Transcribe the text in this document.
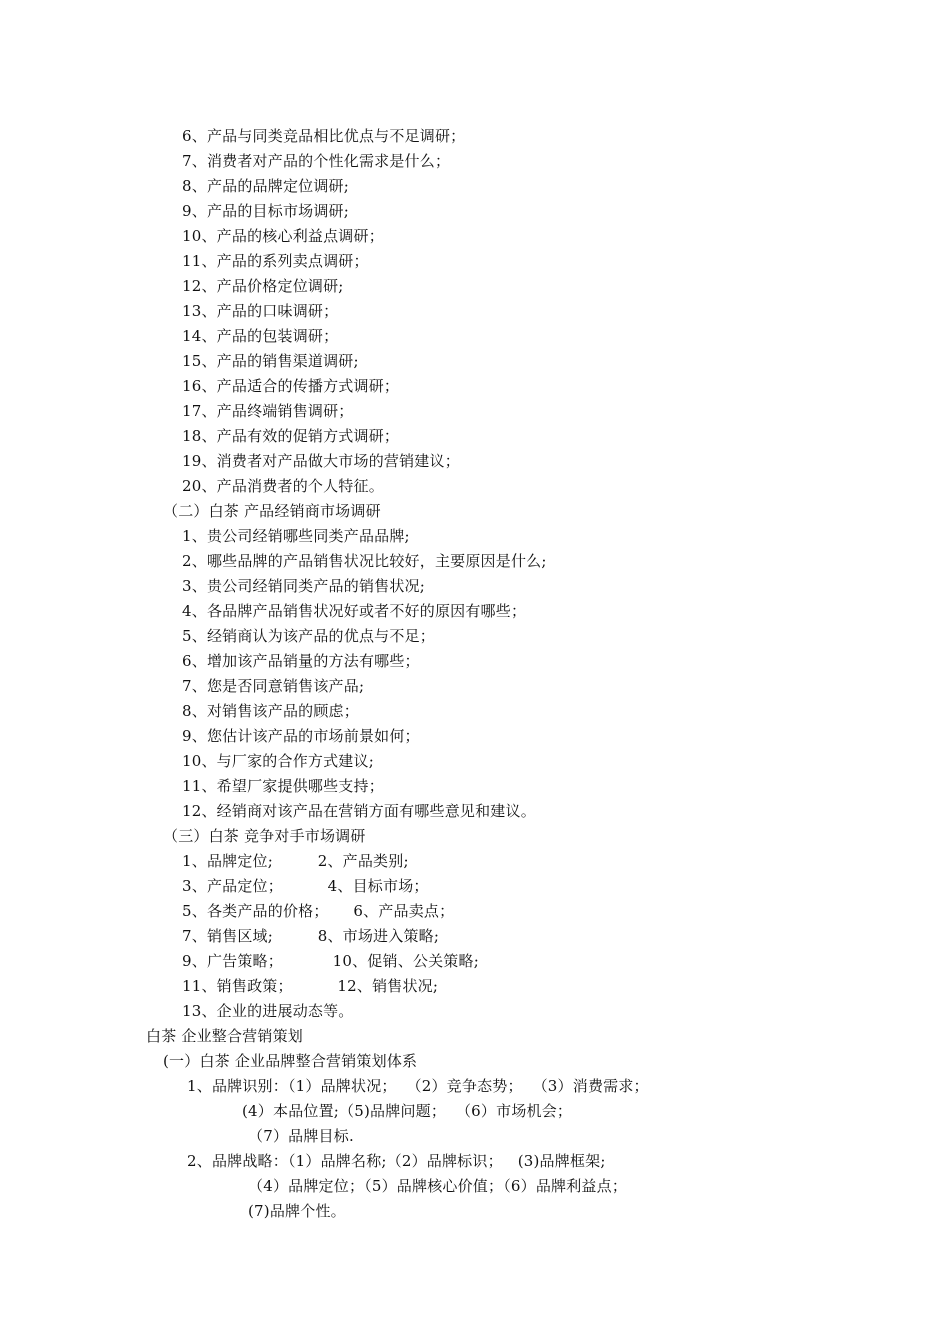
6、产品与同类竞品相比优点与不足调研；
7、消费者对产品的个性化需求是什么；
8、产品的品牌定位调研;
9、产品的目标市场调研;
10、产品的核心利益点调研；
11、产品的系列卖点调研；
12、产品价格定位调研;
13、产品的口味调研；
14、产品的包装调研；
15、产品的销售渠道调研;
16、产品适合的传播方式调研；
17、产品终端销售调研；
18、产品有效的促销方式调研；
19、消费者对产品做大市场的营销建议；
20、产品消费者的个人特征。
（二）白茶 产品经销商市场调研
1、贵公司经销哪些同类产品品牌;
2、哪些品牌的产品销售状况比较好，主要原因是什么;
3、贵公司经销同类产品的销售状况;
4、各品牌产品销售状况好或者不好的原因有哪些；
5、经销商认为该产品的优点与不足；
6、增加该产品销量的方法有哪些；
7、您是否同意销售该产品;
8、对销售该产品的顾虑；
9、您估计该产品的市场前景如何；
10、与厂家的合作方式建议;
11、希望厂家提供哪些支持；
12、经销商对该产品在营销方面有哪些意见和建议。
（三）白茶 竞争对手市场调研
1、品牌定位;         2、产品类别;
3、产品定位；         4、目标市场；
5、各类产品的价格；     6、产品卖点；
7、销售区域;         8、市场进入策略;
9、广告策略；          10、促销、公关策略;
11、销售政策；         12、销售状况;
13、企业的进展动态等。
白茶 企业整合营销策划
(一）白茶 企业品牌整合营销策划体系
1、品牌识别：（1）品牌状况；  （2）竞争态势；  （3）消费需求；
(4）本品位置;（5)品牌问题；  （6）市场机会；
（7）品牌目标.
2、品牌战略：（1）品牌名称;（2）品牌标识；   (3)品牌框架;
（4）品牌定位；（5）品牌核心价值；（6）品牌利益点；
(7)品牌个性。
